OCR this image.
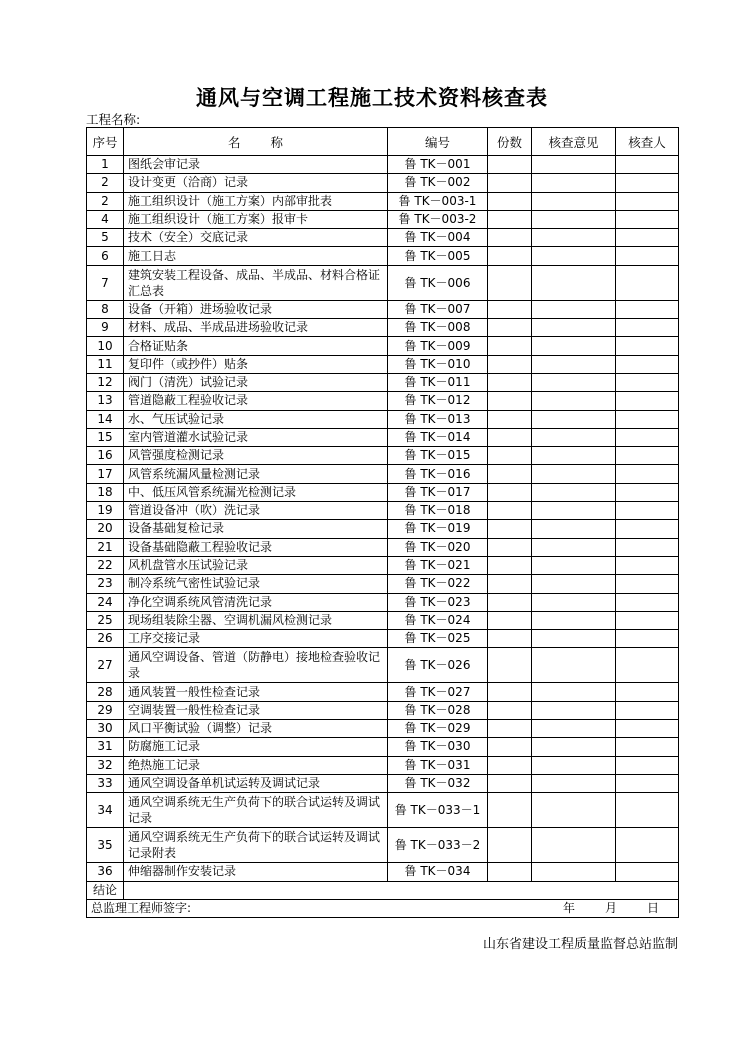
通风与空调工程施工技术资料核查表
工程名称:
序号	名称	编号	份数	核查意见	核查人
1	图纸会审记录	鲁 TK－001			
2	设计变更（洽商）记录	鲁 TK－002			
2	施工组织设计（施工方案）内部审批表	鲁 TK－003-1			
4	施工组织设计（施工方案）报审卡	鲁 TK－003-2			
5	技术（安全）交底记录	鲁 TK－004			
6	施工日志	鲁 TK－005			
7	建筑安装工程设备、成品、半成品、材料合格证汇总表	鲁 TK－006			
8	设备（开箱）进场验收记录	鲁 TK－007			
9	材料、成品、半成品进场验收记录	鲁 TK－008			
10	合格证贴条	鲁 TK－009			
11	复印件（或抄件）贴条	鲁 TK－010			
12	阀门（清洗）试验记录	鲁 TK－011			
13	管道隐蔽工程验收记录	鲁 TK－012			
14	水、气压试验记录	鲁 TK－013			
15	室内管道灌水试验记录	鲁 TK－014			
16	风管强度检测记录	鲁 TK－015			
17	风管系统漏风量检测记录	鲁 TK－016			
18	中、低压风管系统漏光检测记录	鲁 TK－017			
19	管道设备冲（吹）洗记录	鲁 TK－018			
20	设备基础复检记录	鲁 TK－019			
21	设备基础隐蔽工程验收记录	鲁 TK－020			
22	风机盘管水压试验记录	鲁 TK－021			
23	制冷系统气密性试验记录	鲁 TK－022			
24	净化空调系统风管清洗记录	鲁 TK－023			
25	现场组装除尘器、空调机漏风检测记录	鲁 TK－024			
26	工序交接记录	鲁 TK－025			
27	通风空调设备、管道（防静电）接地检查验收记录	鲁 TK－026			
28	通风装置一般性检查记录	鲁 TK－027			
29	空调装置一般性检查记录	鲁 TK－028			
30	风口平衡试验（调整）记录	鲁 TK－029			
31	防腐施工记录	鲁 TK－030			
32	绝热施工记录	鲁 TK－031			
33	通风空调设备单机试运转及调试记录	鲁 TK－032			
34	通风空调系统无生产负荷下的联合试运转及调试记录	鲁 TK－033－1			
35	通风空调系统无生产负荷下的联合试运转及调试记录附表	鲁 TK－033－2			
36	伸缩器制作安装记录	鲁 TK－034			
结论					

总监理工程师签字: 年 月 日					
山东省建设工程质量监督总站监制
